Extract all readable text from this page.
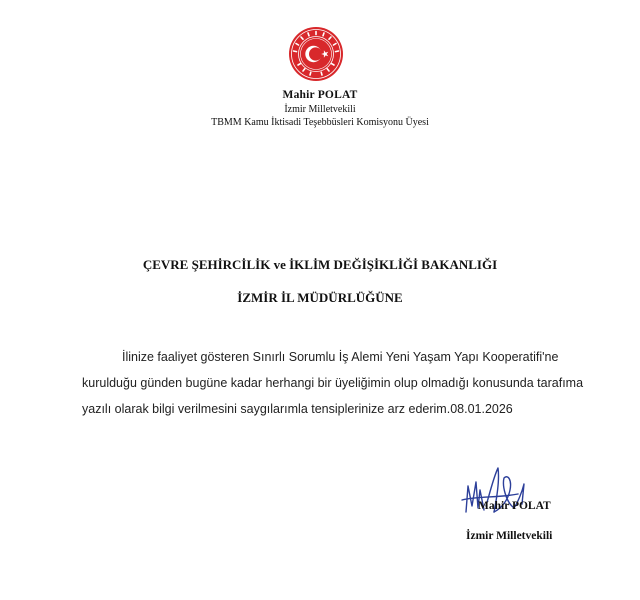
Mahir POLAT
İzmir Milletvekili
TBMM Kamu İktisadi Teşebbüsleri Komisyonu Üyesi
ÇEVRE ŞEHİRCİLİK ve İKLİM DEĞİŞİKLİĞİ BAKANLIĞI
İZMİR İL MÜDÜRLÜĞÜNE
İlinize faaliyet gösteren Sınırlı Sorumlu İş Alemi Yeni Yaşam Yapı Kooperatifi'ne
kurulduğu günden bugüne kadar herhangi bir üyeliğimin olup olmadığı konusunda tarafıma
yazılı olarak bilgi verilmesini saygılarımla tensiplerinize arz ederim.08.01.2026
Mahir POLAT
İzmir Milletvekili
